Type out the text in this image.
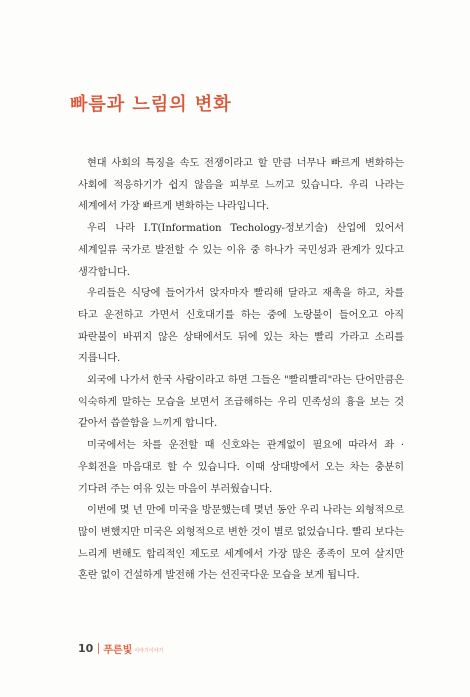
빠름과 느림의 변화

현대 사회의 특징을 속도 전쟁이라고 할 만큼 너무나 빠르게 변화하는 사회에 적응하기가 쉽지 않음을 피부로 느끼고 있습니다. 우리 나라는 세계에서 가장 빠르게 변화하는 나라입니다.

우리 나라 I.T(Information Techology-정보기술) 산업에 있어서 세계일류 국가로 발전할 수 있는 이유 중 하나가 국민성과 관계가 있다고 생각합니다.

우리들은 식당에 들어가서 앉자마자 빨리해 달라고 재촉을 하고, 차를 타고 운전하고 가면서 신호대기를 하는 중에 노랑불이 들어오고 아직 파란불이 바뀌지 않은 상태에서도 뒤에 있는 차는 빨리 가라고 소리를 지릅니다.

외국에 나가서 한국 사람이라고 하면 그들은 "빨리빨리"라는 단어만큼은 익숙하게 말하는 모습을 보면서 조급해하는 우리 민족성의 흉을 보는 것 같아서 씁쓸함을 느끼게 합니다.

미국에서는 차를 운전할 때 신호와는 관계없이 필요에 따라서 좌 · 우회전을 마음대로 할 수 있습니다. 이때 상대방에서 오는 차는 충분히 기다려 주는 여유 있는 마음이 부러웠습니다.

이번에 몇 년 만에 미국을 방문했는데 몇년 동안 우리 나라는 외형적으로 많이 변했지만 미국은 외형적으로 변한 것이 별로 없었습니다. 빨리 보다는 느리게 변해도 합리적인 제도로 세계에서 가장 많은 종족이 모여 살지만 혼란 없이 건설하게 발전해 가는 선진국다운 모습을 보게 됩니다.

10 푸른빛 이야기이야기
